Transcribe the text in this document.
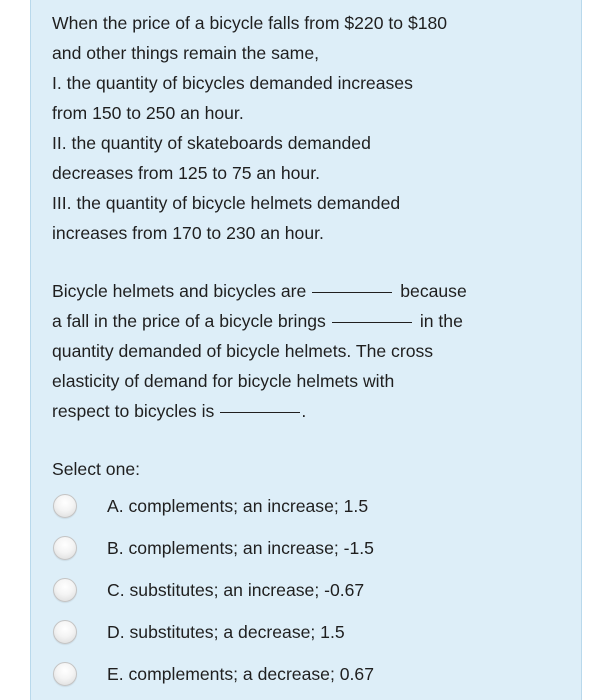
When the price of a bicycle falls from $220 to $180
and other things remain the same,
I. the quantity of bicycles demanded increases
from 150 to 250 an hour.
II. the quantity of skateboards demanded
decreases from 125 to 75 an hour.
III. the quantity of bicycle helmets demanded
increases from 170 to 230 an hour.
Bicycle helmets and bicycles are	because
a fall in the price of a bicycle brings	in the
quantity demanded of bicycle helmets. The cross
elasticity of demand for bicycle helmets with
respect to bicycles is	.
Select one:
A. complements; an increase; 1.5
B. complements; an increase; -1.5
C. substitutes; an increase; -0.67
D. substitutes; a decrease; 1.5
E. complements; a decrease; 0.67
